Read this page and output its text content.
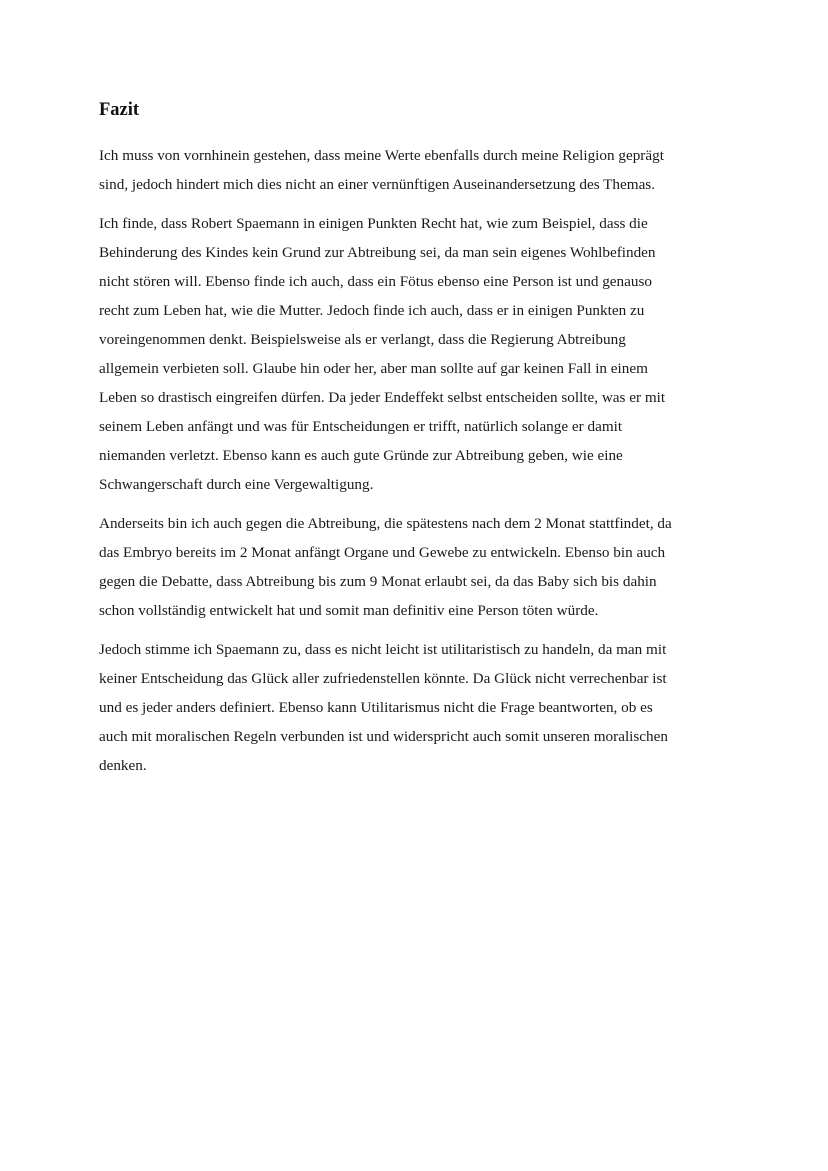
Fazit

Ich muss von vornhinein gestehen, dass meine Werte ebenfalls durch meine Religion geprägt
sind, jedoch hindert mich dies nicht an einer vernünftigen Auseinandersetzung des Themas.

Ich finde, dass Robert Spaemann in einigen Punkten Recht hat, wie zum Beispiel, dass die
Behinderung des Kindes kein Grund zur Abtreibung sei, da man sein eigenes Wohlbefinden
nicht stören will. Ebenso finde ich auch, dass ein Fötus ebenso eine Person ist und genauso
recht zum Leben hat, wie die Mutter. Jedoch finde ich auch, dass er in einigen Punkten zu
voreingenommen denkt. Beispielsweise als er verlangt, dass die Regierung Abtreibung
allgemein verbieten soll. Glaube hin oder her, aber man sollte auf gar keinen Fall in einem
Leben so drastisch eingreifen dürfen. Da jeder Endeffekt selbst entscheiden sollte, was er mit
seinem Leben anfängt und was für Entscheidungen er trifft, natürlich solange er damit
niemanden verletzt. Ebenso kann es auch gute Gründe zur Abtreibung geben, wie eine
Schwangerschaft durch eine Vergewaltigung.

Anderseits bin ich auch gegen die Abtreibung, die spätestens nach dem 2 Monat stattfindet, da
das Embryo bereits im 2 Monat anfängt Organe und Gewebe zu entwickeln. Ebenso bin auch
gegen die Debatte, dass Abtreibung bis zum 9 Monat erlaubt sei, da das Baby sich bis dahin
schon vollständig entwickelt hat und somit man definitiv eine Person töten würde.

Jedoch stimme ich Spaemann zu, dass es nicht leicht ist utilitaristisch zu handeln, da man mit
keiner Entscheidung das Glück aller zufriedenstellen könnte. Da Glück nicht verrechenbar ist
und es jeder anders definiert. Ebenso kann Utilitarismus nicht die Frage beantworten, ob es
auch mit moralischen Regeln verbunden ist und widerspricht auch somit unseren moralischen
denken.
